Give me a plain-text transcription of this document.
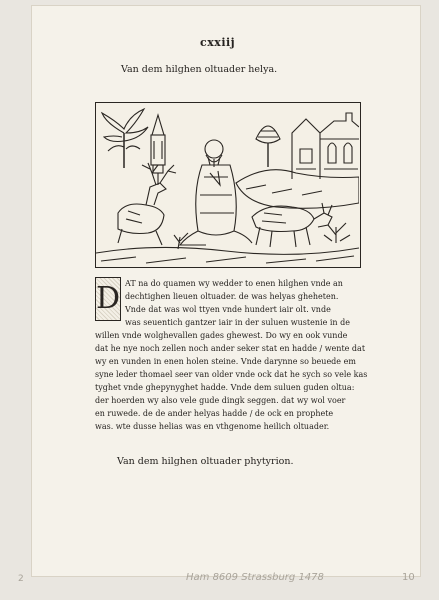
cxxiij
Van dem hilghen oltuader helya.
D AT na do quamen wy wedder to enen hilghen vnde an
dechtighen lieuen oltuader. de was helyas gheheten.
Vnde dat was wol ttyen vnde hundert iair olt. vnde
was seuentich gantzer iair in der suluen wustenie in de
willen vnde wolghevallen gades ghewest. Do wy en ook vunde
dat he nye noch zellen noch ander seker stat en hadde / wente dat
wy en vunden in enen holen steine. Vnde darynne so beuede em
syne leder thomael seer van older vnde ock dat he sych so vele kas
tyghet vnde ghepynyghet hadde. Vnde dem suluen guden oltua:
der hoerden wy also vele gude dingk seggen. dat wy wol voer
en ruwede. de de ander helyas hadde / de ock en prophete
was. wte dusse helias was en vthgenome heilich oltuader.
Van dem hilghen oltuader phytyrion.
2	Ham 8609 Strassburg 1478	10
